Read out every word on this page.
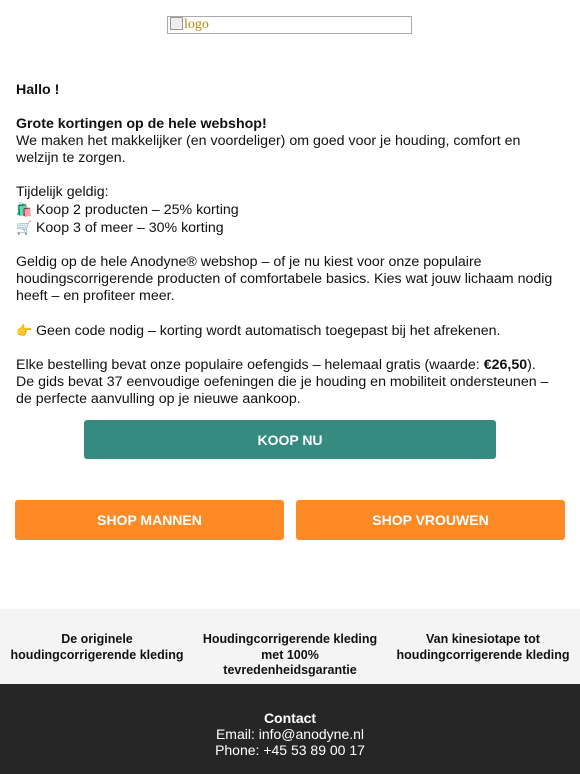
logo

Hallo !

Grote kortingen op de hele webshop!

We maken het makkelijker (en voordeliger) om goed voor je houding, comfort en welzijn te zorgen.

Tijdelijk geldig:

🛍️ Koop 2 producten – 25% korting

🛒 Koop 3 of meer – 30% korting

Geldig op de hele Anodyne® webshop – of je nu kiest voor onze populaire houdingscorrigerende producten of comfortabele basics. Kies wat jouw lichaam nodig heeft – en profiteer meer.

👉 Geen code nodig – korting wordt automatisch toegepast bij het afrekenen.

Elke bestelling bevat onze populaire oefengids – helemaal gratis (waarde: €26,50).

De gids bevat 37 eenvoudige oefeningen die je houding en mobiliteit ondersteunen – de perfecte aanvulling op je nieuwe aankoop.

KOOP NU
SHOP MANNEN	SHOP VROUWEN
De originele
houdingcorrigerende kleding
Houdingcorrigerende kleding
met 100% tevredenheidsgarantie
Van kinesiotape tot
houdingcorrigerende kleding
Contact
Email: info@anodyne.nl
Phone: +45 53 89 00 17
